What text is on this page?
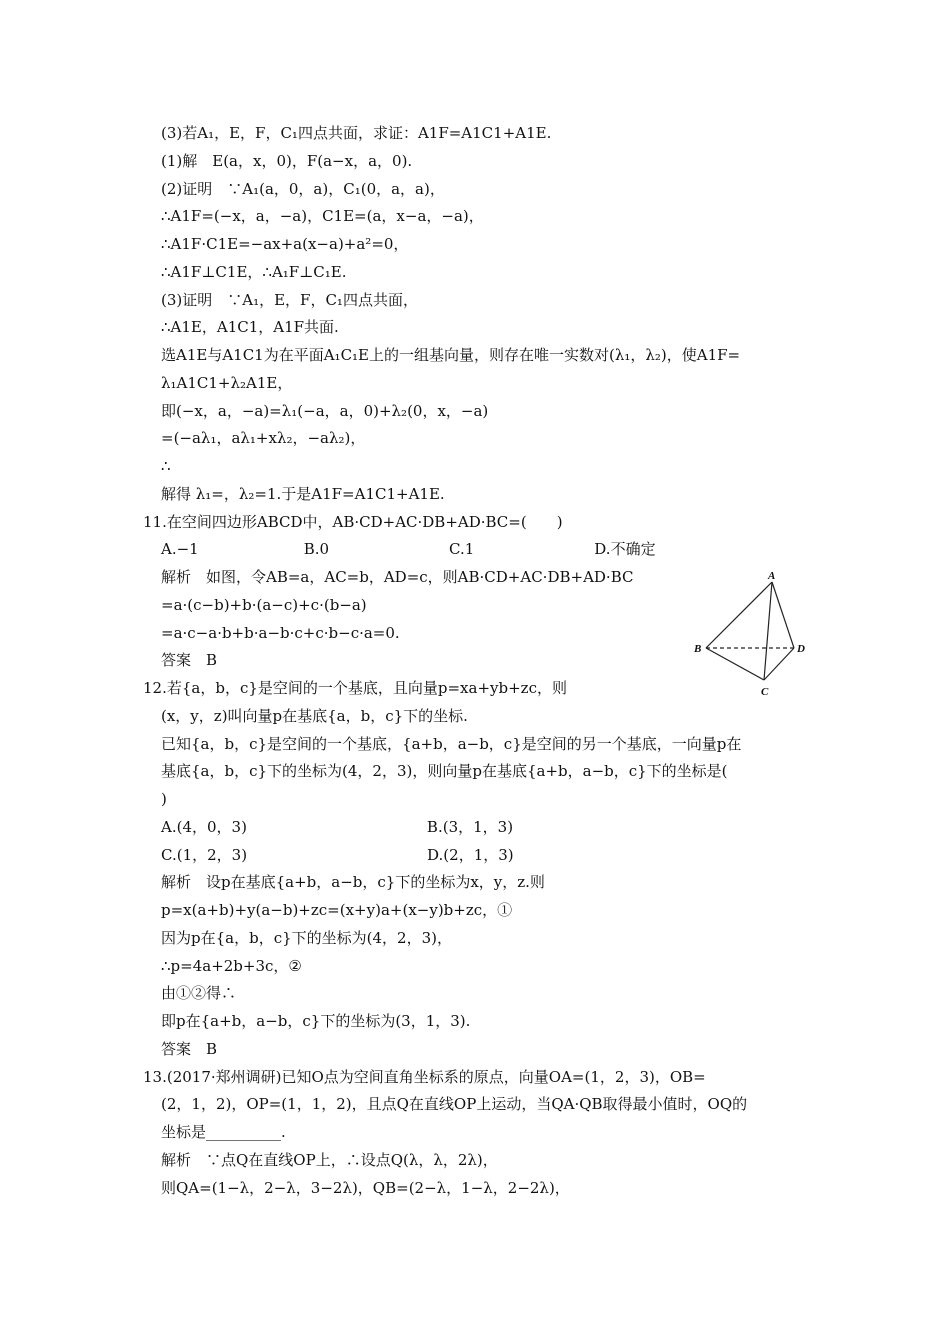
(3)若A₁，E，F，C₁四点共面，求证：A1F=A1C1+A1E.
(1)解　E(a，x，0)，F(a−x，a，0).
(2)证明　∵A₁(a，0，a)，C₁(0，a，a)，
∴A1F=(−x，a，−a)，C1E=(a，x−a，−a)，
∴A1F·C1E=−ax+a(x−a)+a²=0，
∴A1F⊥C1E，∴A₁F⊥C₁E.
(3)证明　∵A₁，E，F，C₁四点共面，
∴A1E，A1C1，A1F共面.
选A1E与A1C1为在平面A₁C₁E上的一组基向量，则存在唯一实数对(λ₁，λ₂)，使A1F=
λ₁A1C1+λ₂A1E，
即(−x，a，−a)=λ₁(−a，a，0)+λ₂(0，x，−a)
=(−aλ₁，aλ₁+xλ₂，−aλ₂)，
∴
解得 λ₁=，λ₂=1.于是A1F=A1C1+A1E.
11.在空间四边形ABCD中，AB·CD+AC·DB+AD·BC=(　　)
A.−1　　　　　　　B.0　　　　　　　　C.1　　　　　　　　D.不确定
解析　如图，令AB=a，AC=b，AD=c，则AB·CD+AC·DB+AD·BC
=a·(c−b)+b·(a−c)+c·(b−a)
=a·c−a·b+b·a−b·c+c·b−c·a=0.
答案　B
12.若{a，b，c}是空间的一个基底，且向量p=xa+yb+zc，则
(x，y，z)叫向量p在基底{a，b，c}下的坐标.
已知{a，b，c}是空间的一个基底，{a+b，a−b，c}是空间的另一个基底，一向量p在
基底{a，b，c}下的坐标为(4，2，3)，则向量p在基底{a+b，a−b，c}下的坐标是(
)
A.(4，0，3)　　　　　　　　　　　　B.(3，1，3)
C.(1，2，3)　　　　　　　　　　　　D.(2，1，3)
解析　设p在基底{a+b，a−b，c}下的坐标为x，y，z.则
p=x(a+b)+y(a−b)+zc=(x+y)a+(x−y)b+zc，①
因为p在{a，b，c}下的坐标为(4，2，3)，
∴p=4a+2b+3c，②
由①②得∴
即p在{a+b，a−b，c}下的坐标为(3，1，3).
答案　B
13.(2017·郑州调研)已知O点为空间直角坐标系的原点，向量OA=(1，2，3)，OB=
(2，1，2)，OP=(1，1，2)，且点Q在直线OP上运动，当QA·QB取得最小值时，OQ的
坐标是__________.
解析　∵点Q在直线OP上，∴设点Q(λ，λ，2λ)，
则QA=(1−λ，2−λ，3−2λ)，QB=(2−λ，1−λ，2−2λ)，
A
B
C
D
